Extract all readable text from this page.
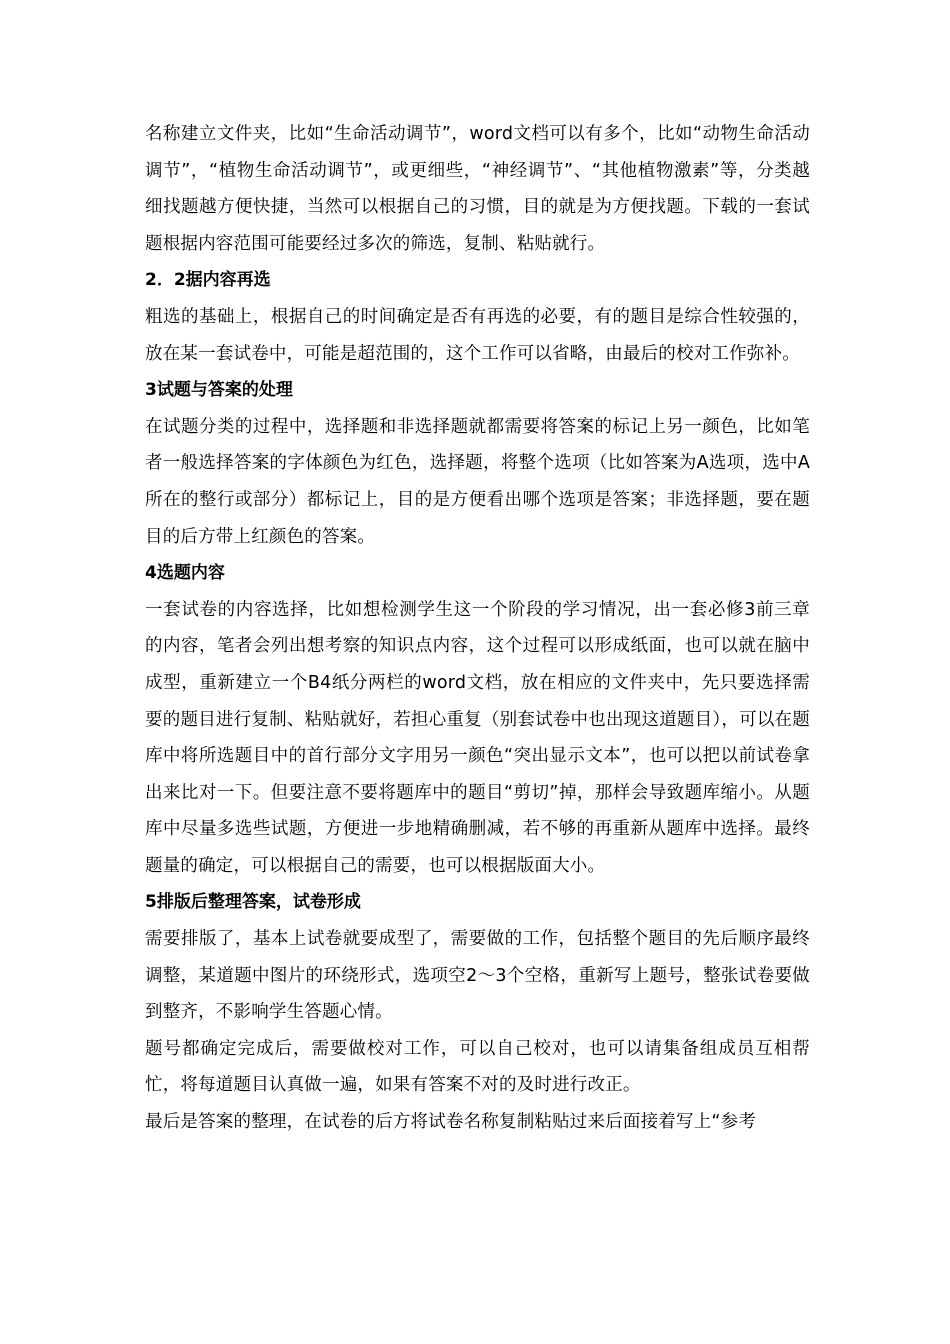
名称建立文件夹，比如“生命活动调节”，word文档可以有多个，比如“动物生命活动调节”，“植物生命活动调节”，或更细些，“神经调节”、“其他植物激素”等，分类越细找题越方便快捷，当然可以根据自己的习惯，目的就是为方便找题。下载的一套试题根据内容范围可能要经过多次的筛选，复制、粘贴就行。

2．2据内容再选

粗选的基础上，根据自己的时间确定是否有再选的必要，有的题目是综合性较强的，放在某一套试卷中，可能是超范围的，这个工作可以省略，由最后的校对工作弥补。

3试题与答案的处理

在试题分类的过程中，选择题和非选择题就都需要将答案的标记上另一颜色，比如笔者一般选择答案的字体颜色为红色，选择题，将整个选项（比如答案为A选项，选中A所在的整行或部分）都标记上，目的是方便看出哪个选项是答案；非选择题，要在题目的后方带上红颜色的答案。

4选题内容

一套试卷的内容选择，比如想检测学生这一个阶段的学习情况，出一套必修3前三章的内容，笔者会列出想考察的知识点内容，这个过程可以形成纸面，也可以就在脑中成型，重新建立一个B4纸分两栏的word文档，放在相应的文件夹中，先只要选择需要的题目进行复制、粘贴就好，若担心重复（别套试卷中也出现这道题目），可以在题库中将所选题目中的首行部分文字用另一颜色“突出显示文本”，也可以把以前试卷拿出来比对一下。但要注意不要将题库中的题目“剪切”掉，那样会导致题库缩小。从题库中尽量多选些试题，方便进一步地精确删减，若不够的再重新从题库中选择。最终题量的确定，可以根据自己的需要，也可以根据版面大小。

5排版后整理答案，试卷形成

需要排版了，基本上试卷就要成型了，需要做的工作，包括整个题目的先后顺序最终调整，某道题中图片的环绕形式，选项空2～3个空格，重新写上题号，整张试卷要做到整齐，不影响学生答题心情。

题号都确定完成后，需要做校对工作，可以自己校对，也可以请集备组成员互相帮忙，将每道题目认真做一遍，如果有答案不对的及时进行改正。

最后是答案的整理，在试卷的后方将试卷名称复制粘贴过来后面接着写上“参考
